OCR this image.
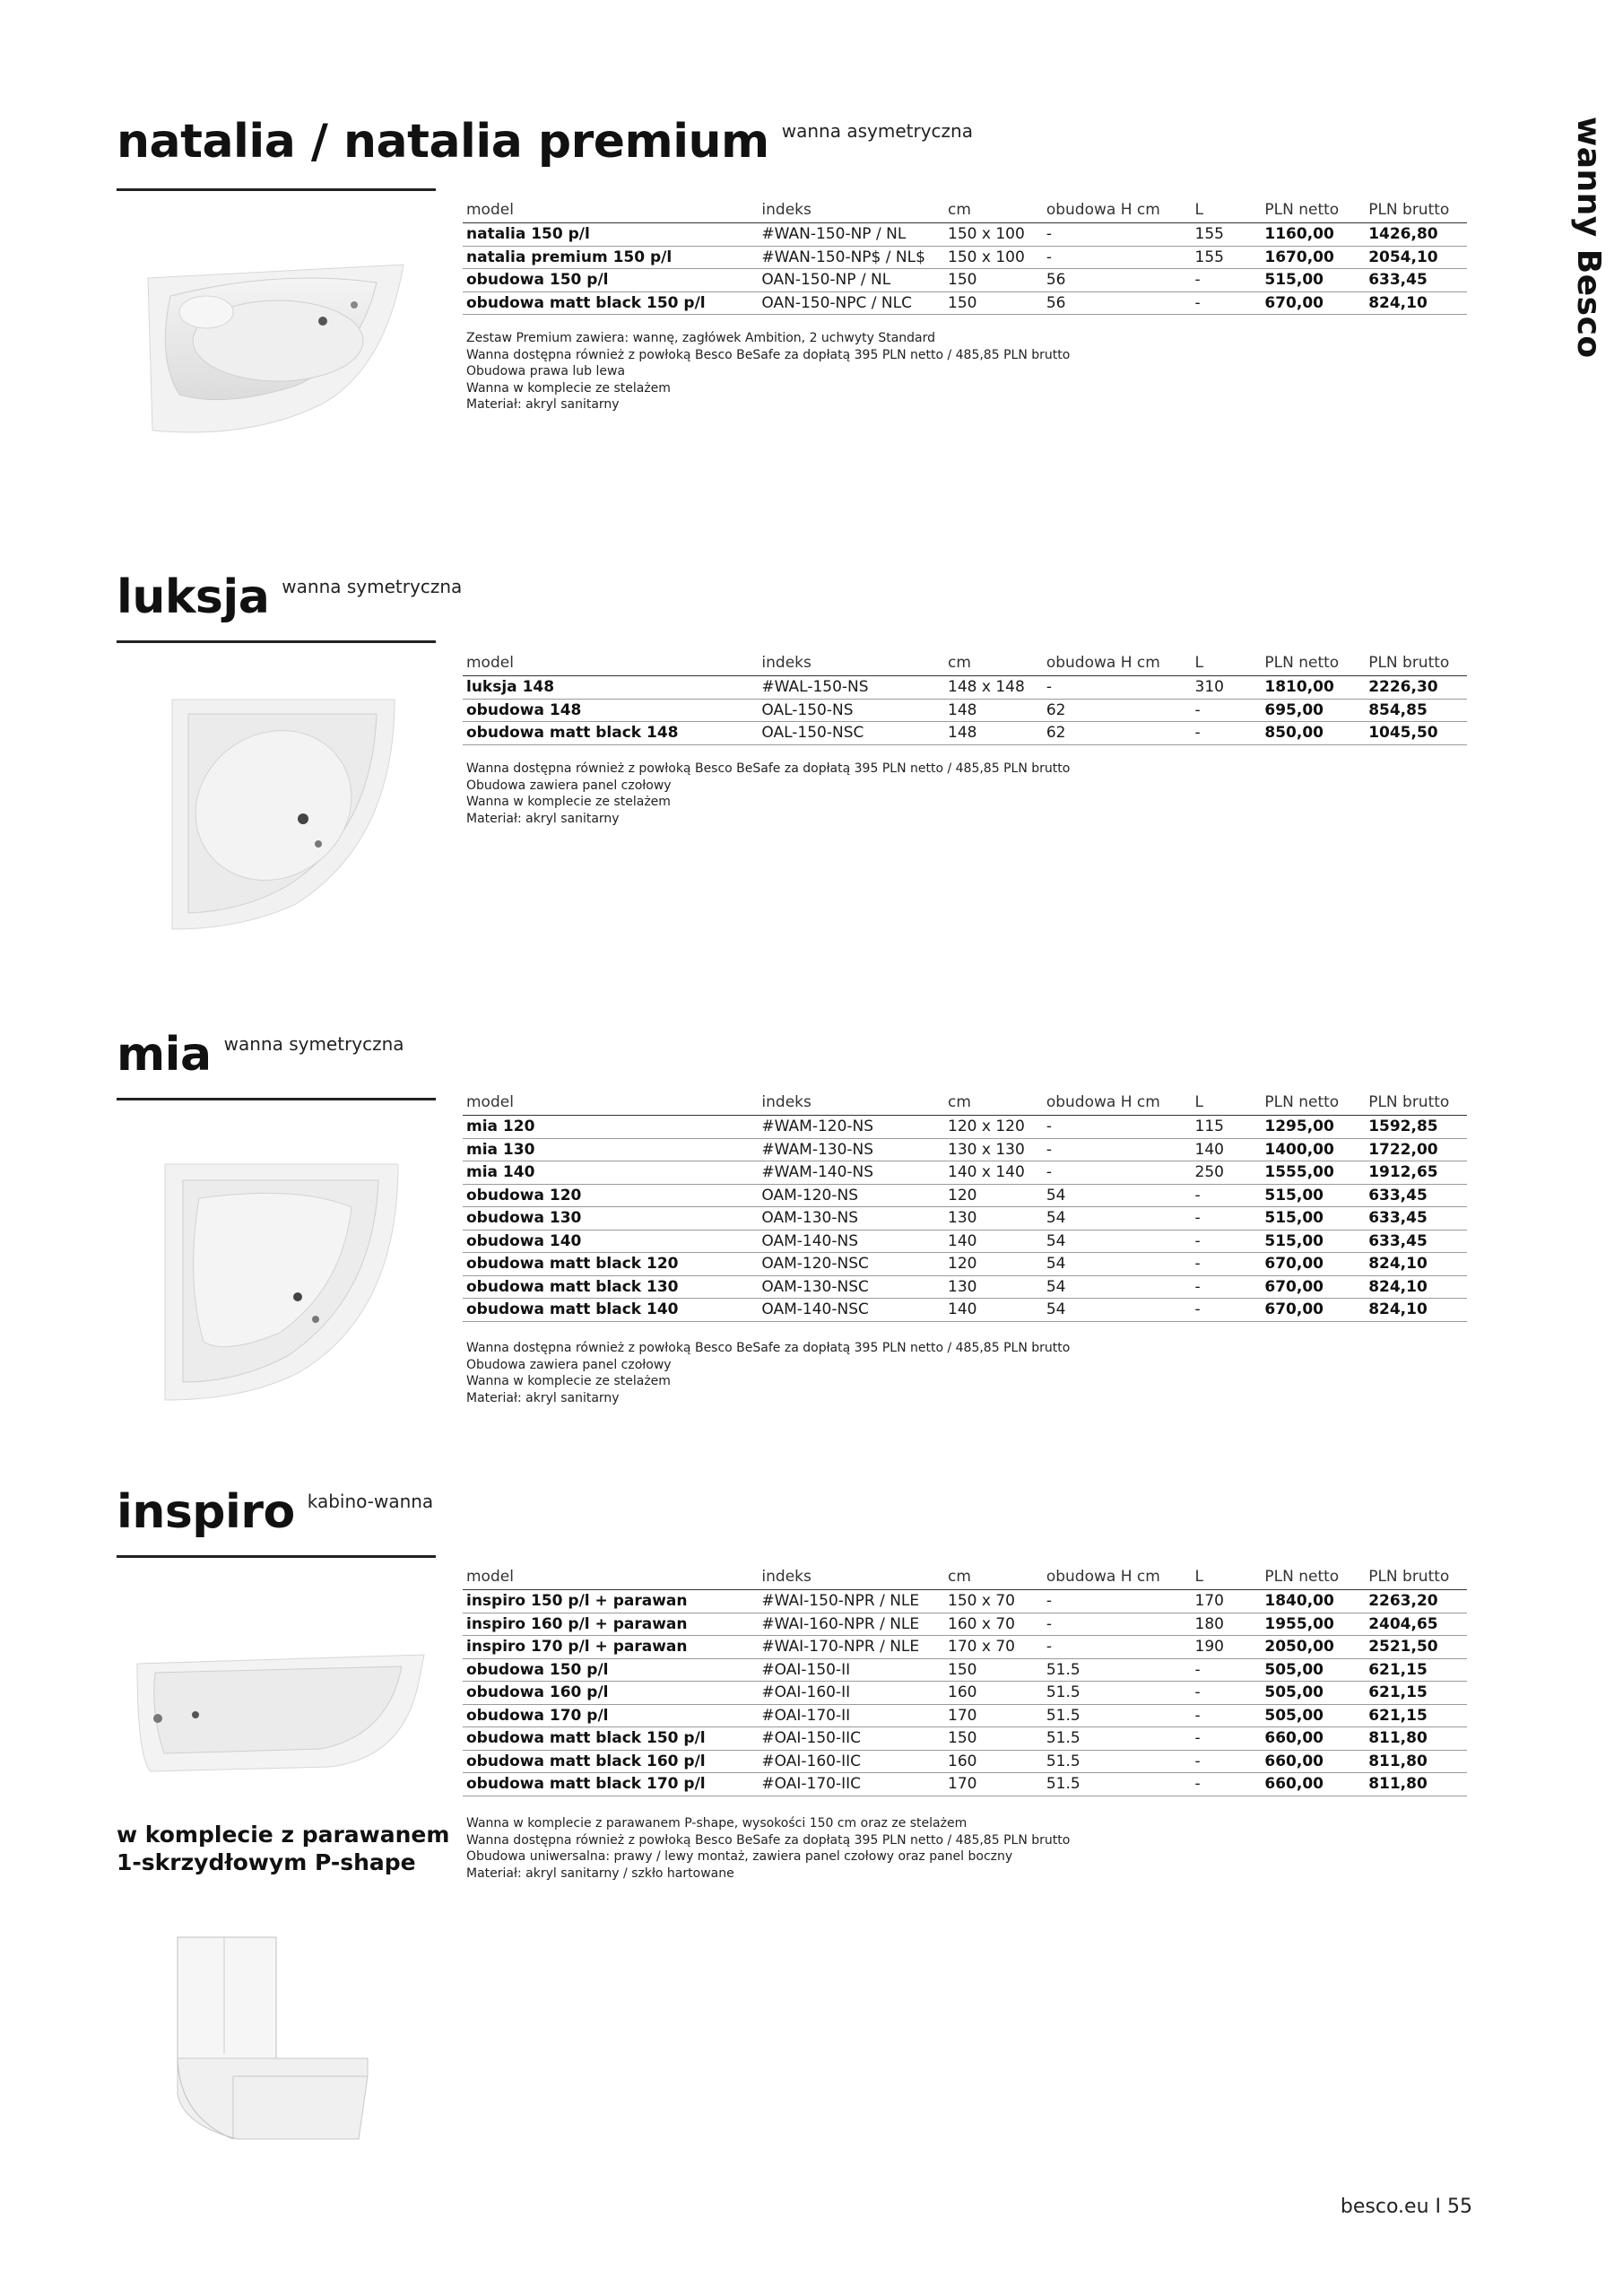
wanny Besco
natalia / natalia premium wanna asymetryczna
model	indeks	cm	obudowa H cm	L	PLN netto	PLN brutto
natalia 150 p/l	#WAN-150-NP / NL	150 x 100	-	155	1160,00	1426,80
natalia premium 150 p/l	#WAN-150-NP$ / NL$	150 x 100	-	155	1670,00	2054,10
obudowa 150 p/l	OAN-150-NP / NL	150	56	-	515,00	633,45
obudowa matt black 150 p/l	OAN-150-NPC / NLC	150	56	-	670,00	824,10
Zestaw Premium zawiera: wannę, zagłówek Ambition, 2 uchwyty Standard
Wanna dostępna również z powłoką Besco BeSafe za dopłatą 395 PLN netto / 485,85 PLN brutto
Obudowa prawa lub lewa
Wanna w komplecie ze stelażem
Materiał: akryl sanitarny
luksja wanna symetryczna
model	indeks	cm	obudowa H cm	L	PLN netto	PLN brutto
luksja 148	#WAL-150-NS	148 x 148	-	310	1810,00	2226,30
obudowa 148	OAL-150-NS	148	62	-	695,00	854,85
obudowa matt black 148	OAL-150-NSC	148	62	-	850,00	1045,50
Wanna dostępna również z powłoką Besco BeSafe za dopłatą 395 PLN netto / 485,85 PLN brutto
Obudowa zawiera panel czołowy
Wanna w komplecie ze stelażem
Materiał: akryl sanitarny
mia wanna symetryczna
model	indeks	cm	obudowa H cm	L	PLN netto	PLN brutto
mia 120	#WAM-120-NS	120 x 120	-	115	1295,00	1592,85
mia 130	#WAM-130-NS	130 x 130	-	140	1400,00	1722,00
mia 140	#WAM-140-NS	140 x 140	-	250	1555,00	1912,65
obudowa 120	OAM-120-NS	120	54	-	515,00	633,45
obudowa 130	OAM-130-NS	130	54	-	515,00	633,45
obudowa 140	OAM-140-NS	140	54	-	515,00	633,45
obudowa matt black 120	OAM-120-NSC	120	54	-	670,00	824,10
obudowa matt black 130	OAM-130-NSC	130	54	-	670,00	824,10
obudowa matt black 140	OAM-140-NSC	140	54	-	670,00	824,10
Wanna dostępna również z powłoką Besco BeSafe za dopłatą 395 PLN netto / 485,85 PLN brutto
Obudowa zawiera panel czołowy
Wanna w komplecie ze stelażem
Materiał: akryl sanitarny
inspiro kabino-wanna
w komplecie z parawanem
1-skrzydłowym P-shape
model	indeks	cm	obudowa H cm	L	PLN netto	PLN brutto
inspiro 150 p/l + parawan	#WAI-150-NPR / NLE	150 x 70	-	170	1840,00	2263,20
inspiro 160 p/l + parawan	#WAI-160-NPR / NLE	160 x 70	-	180	1955,00	2404,65
inspiro 170 p/l + parawan	#WAI-170-NPR / NLE	170 x 70	-	190	2050,00	2521,50
obudowa 150 p/l	#OAI-150-II	150	51.5	-	505,00	621,15
obudowa 160 p/l	#OAI-160-II	160	51.5	-	505,00	621,15
obudowa 170 p/l	#OAI-170-II	170	51.5	-	505,00	621,15
obudowa matt black 150 p/l	#OAI-150-IIC	150	51.5	-	660,00	811,80
obudowa matt black 160 p/l	#OAI-160-IIC	160	51.5	-	660,00	811,80
obudowa matt black 170 p/l	#OAI-170-IIC	170	51.5	-	660,00	811,80
Wanna w komplecie z parawanem P-shape, wysokości 150 cm oraz ze stelażem
Wanna dostępna również z powłoką Besco BeSafe za dopłatą 395 PLN netto / 485,85 PLN brutto
Obudowa uniwersalna: prawy / lewy montaż, zawiera panel czołowy oraz panel boczny
Materiał: akryl sanitarny / szkło hartowane
besco.eu I 55
